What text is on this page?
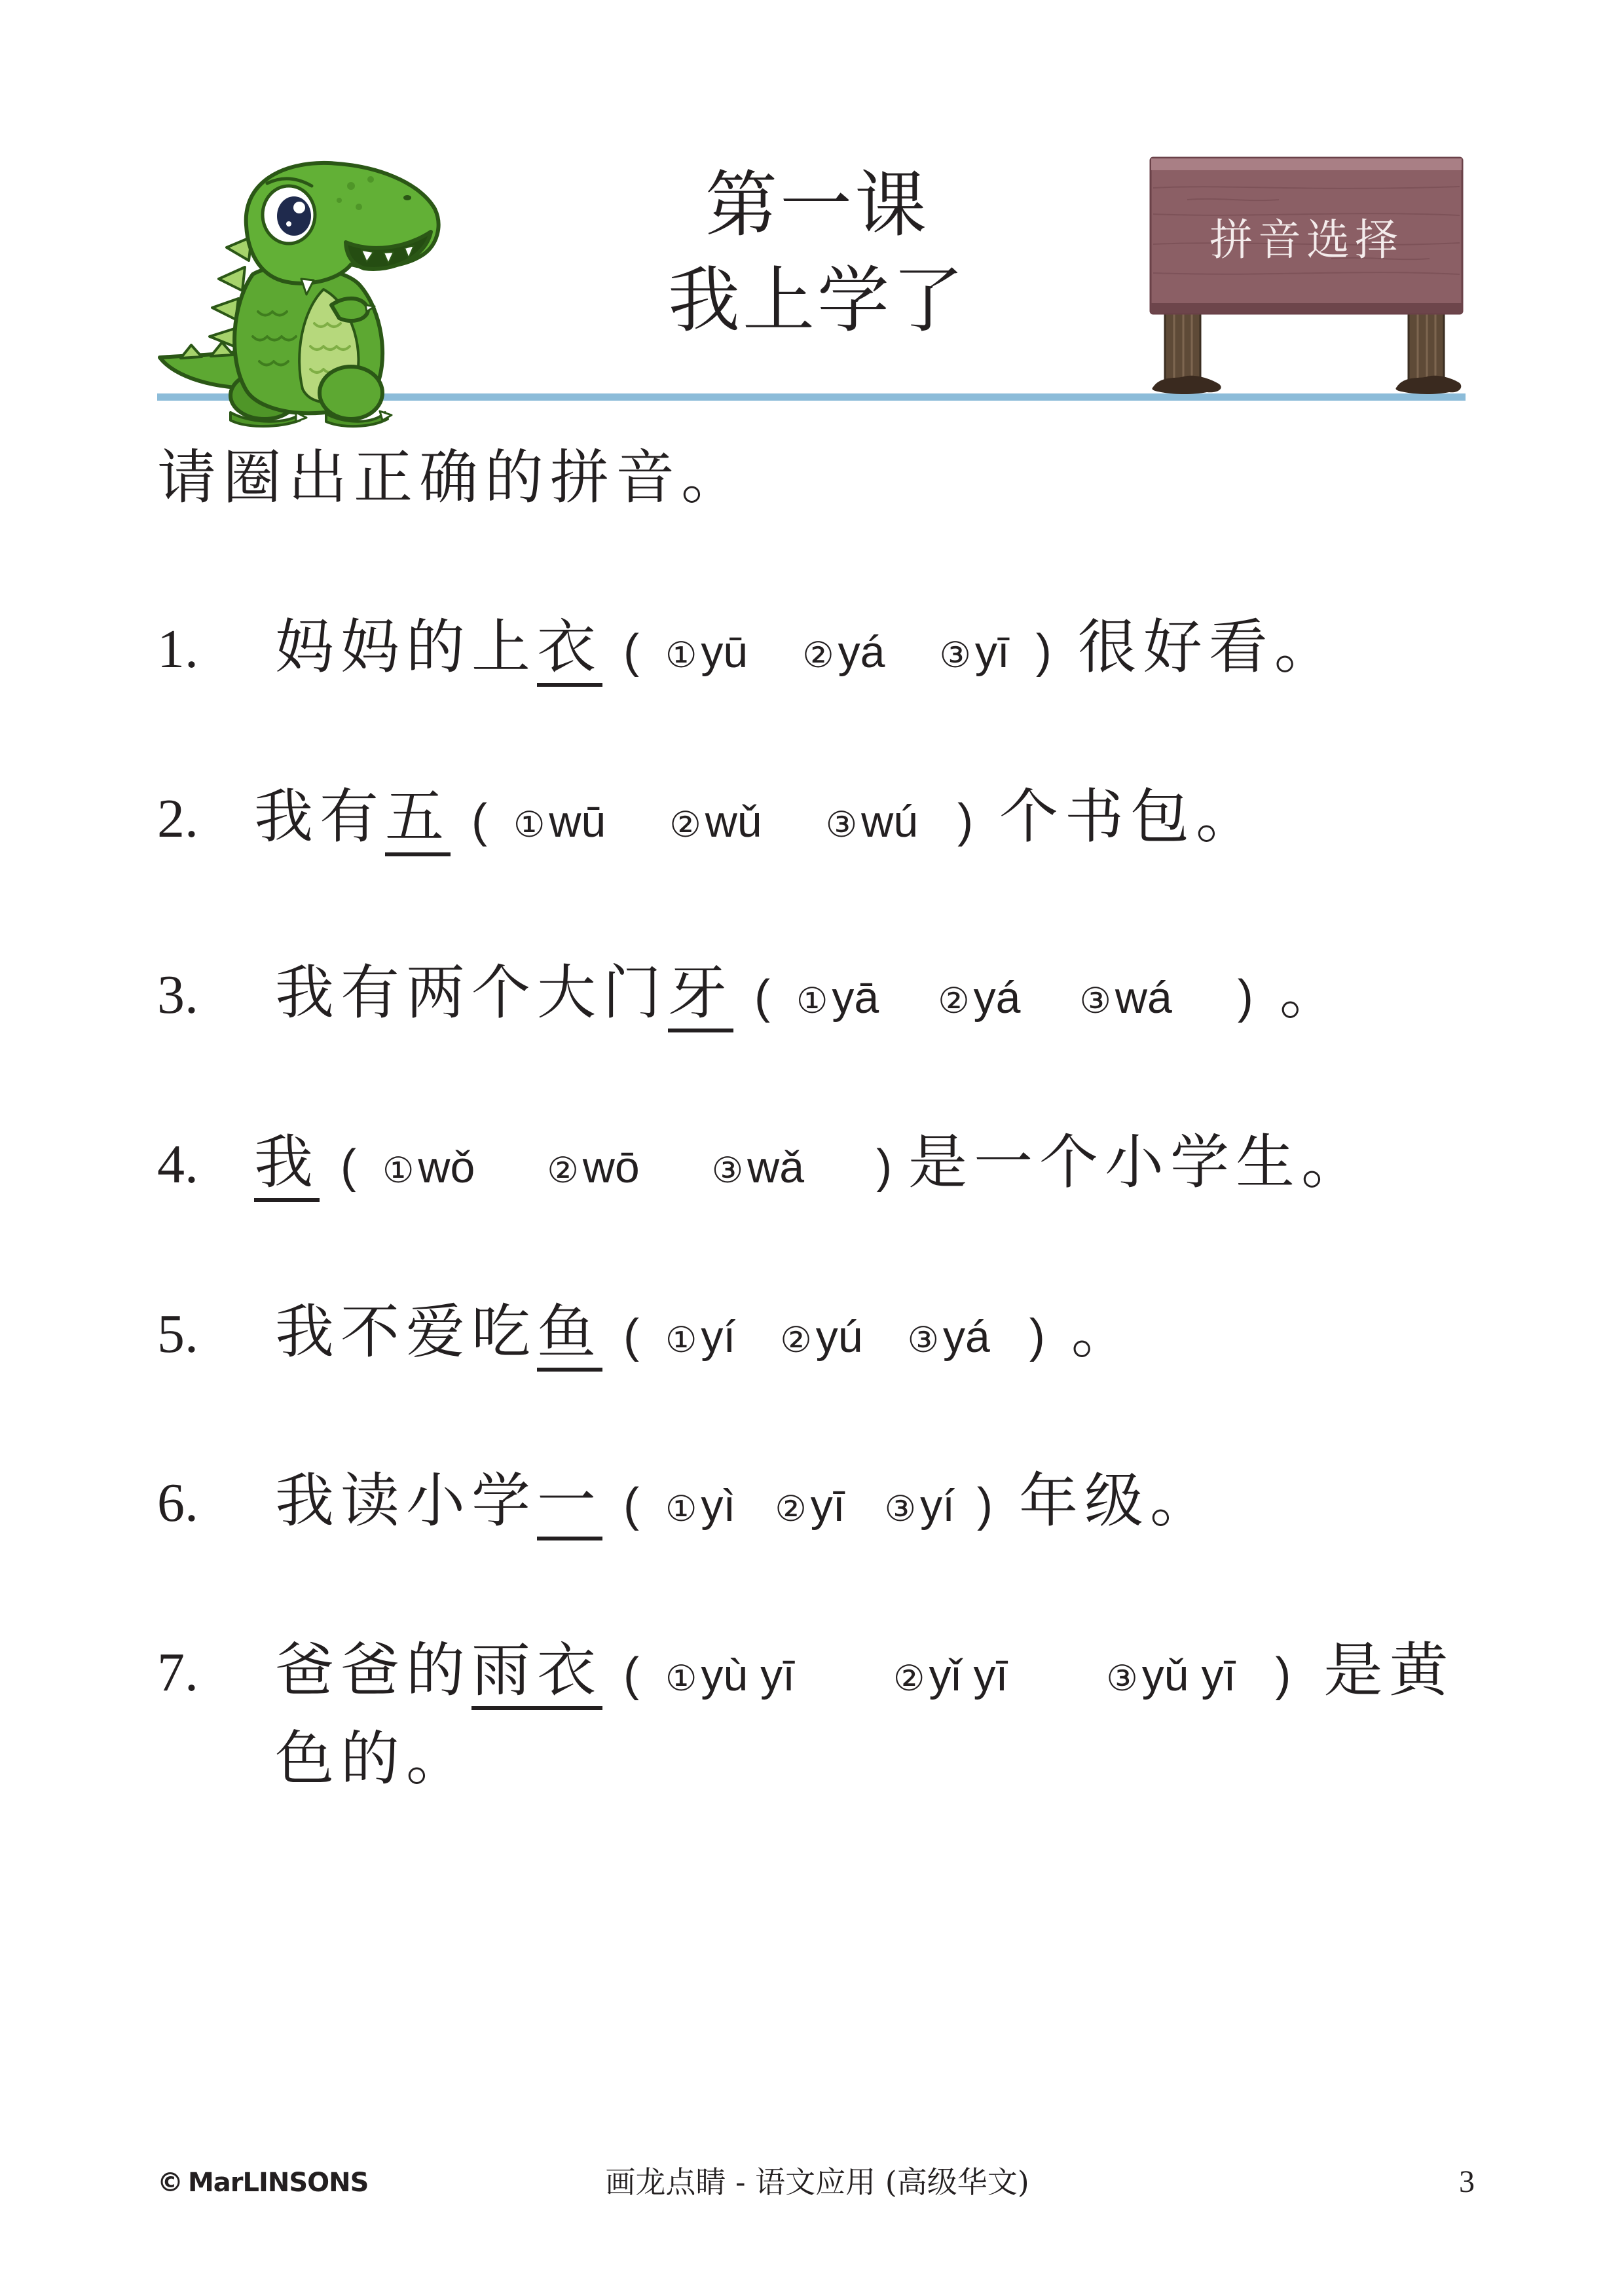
第一课
我上学了
拼音选择
请圈出正确的拼音。
1.	妈妈的上 衣 ( ① yū ② yá ③ yī ) 很好看。
2. 我有 五 ( ① wū ② wǔ ③ wú ) 个书包。
3.	我有两个大门 牙 ( ① yā ② yá ③ wá ) 。
4. 我 ( ① wǒ ② wō ③ wǎ ) 是一个小学生。
5.	我不爱吃 鱼 ( ① yí ② yú ③ yá ) 。
6.	我读小学 一 ( ① yì ② yī ③ yí ) 年级。
7.	爸爸的 雨衣 ( ① yù yī	② yǐ yī	③ yǔ yī ) 是黄
色的。
© MarLINSONS	画龙点睛 - 语文应用 (高级华文)	3
